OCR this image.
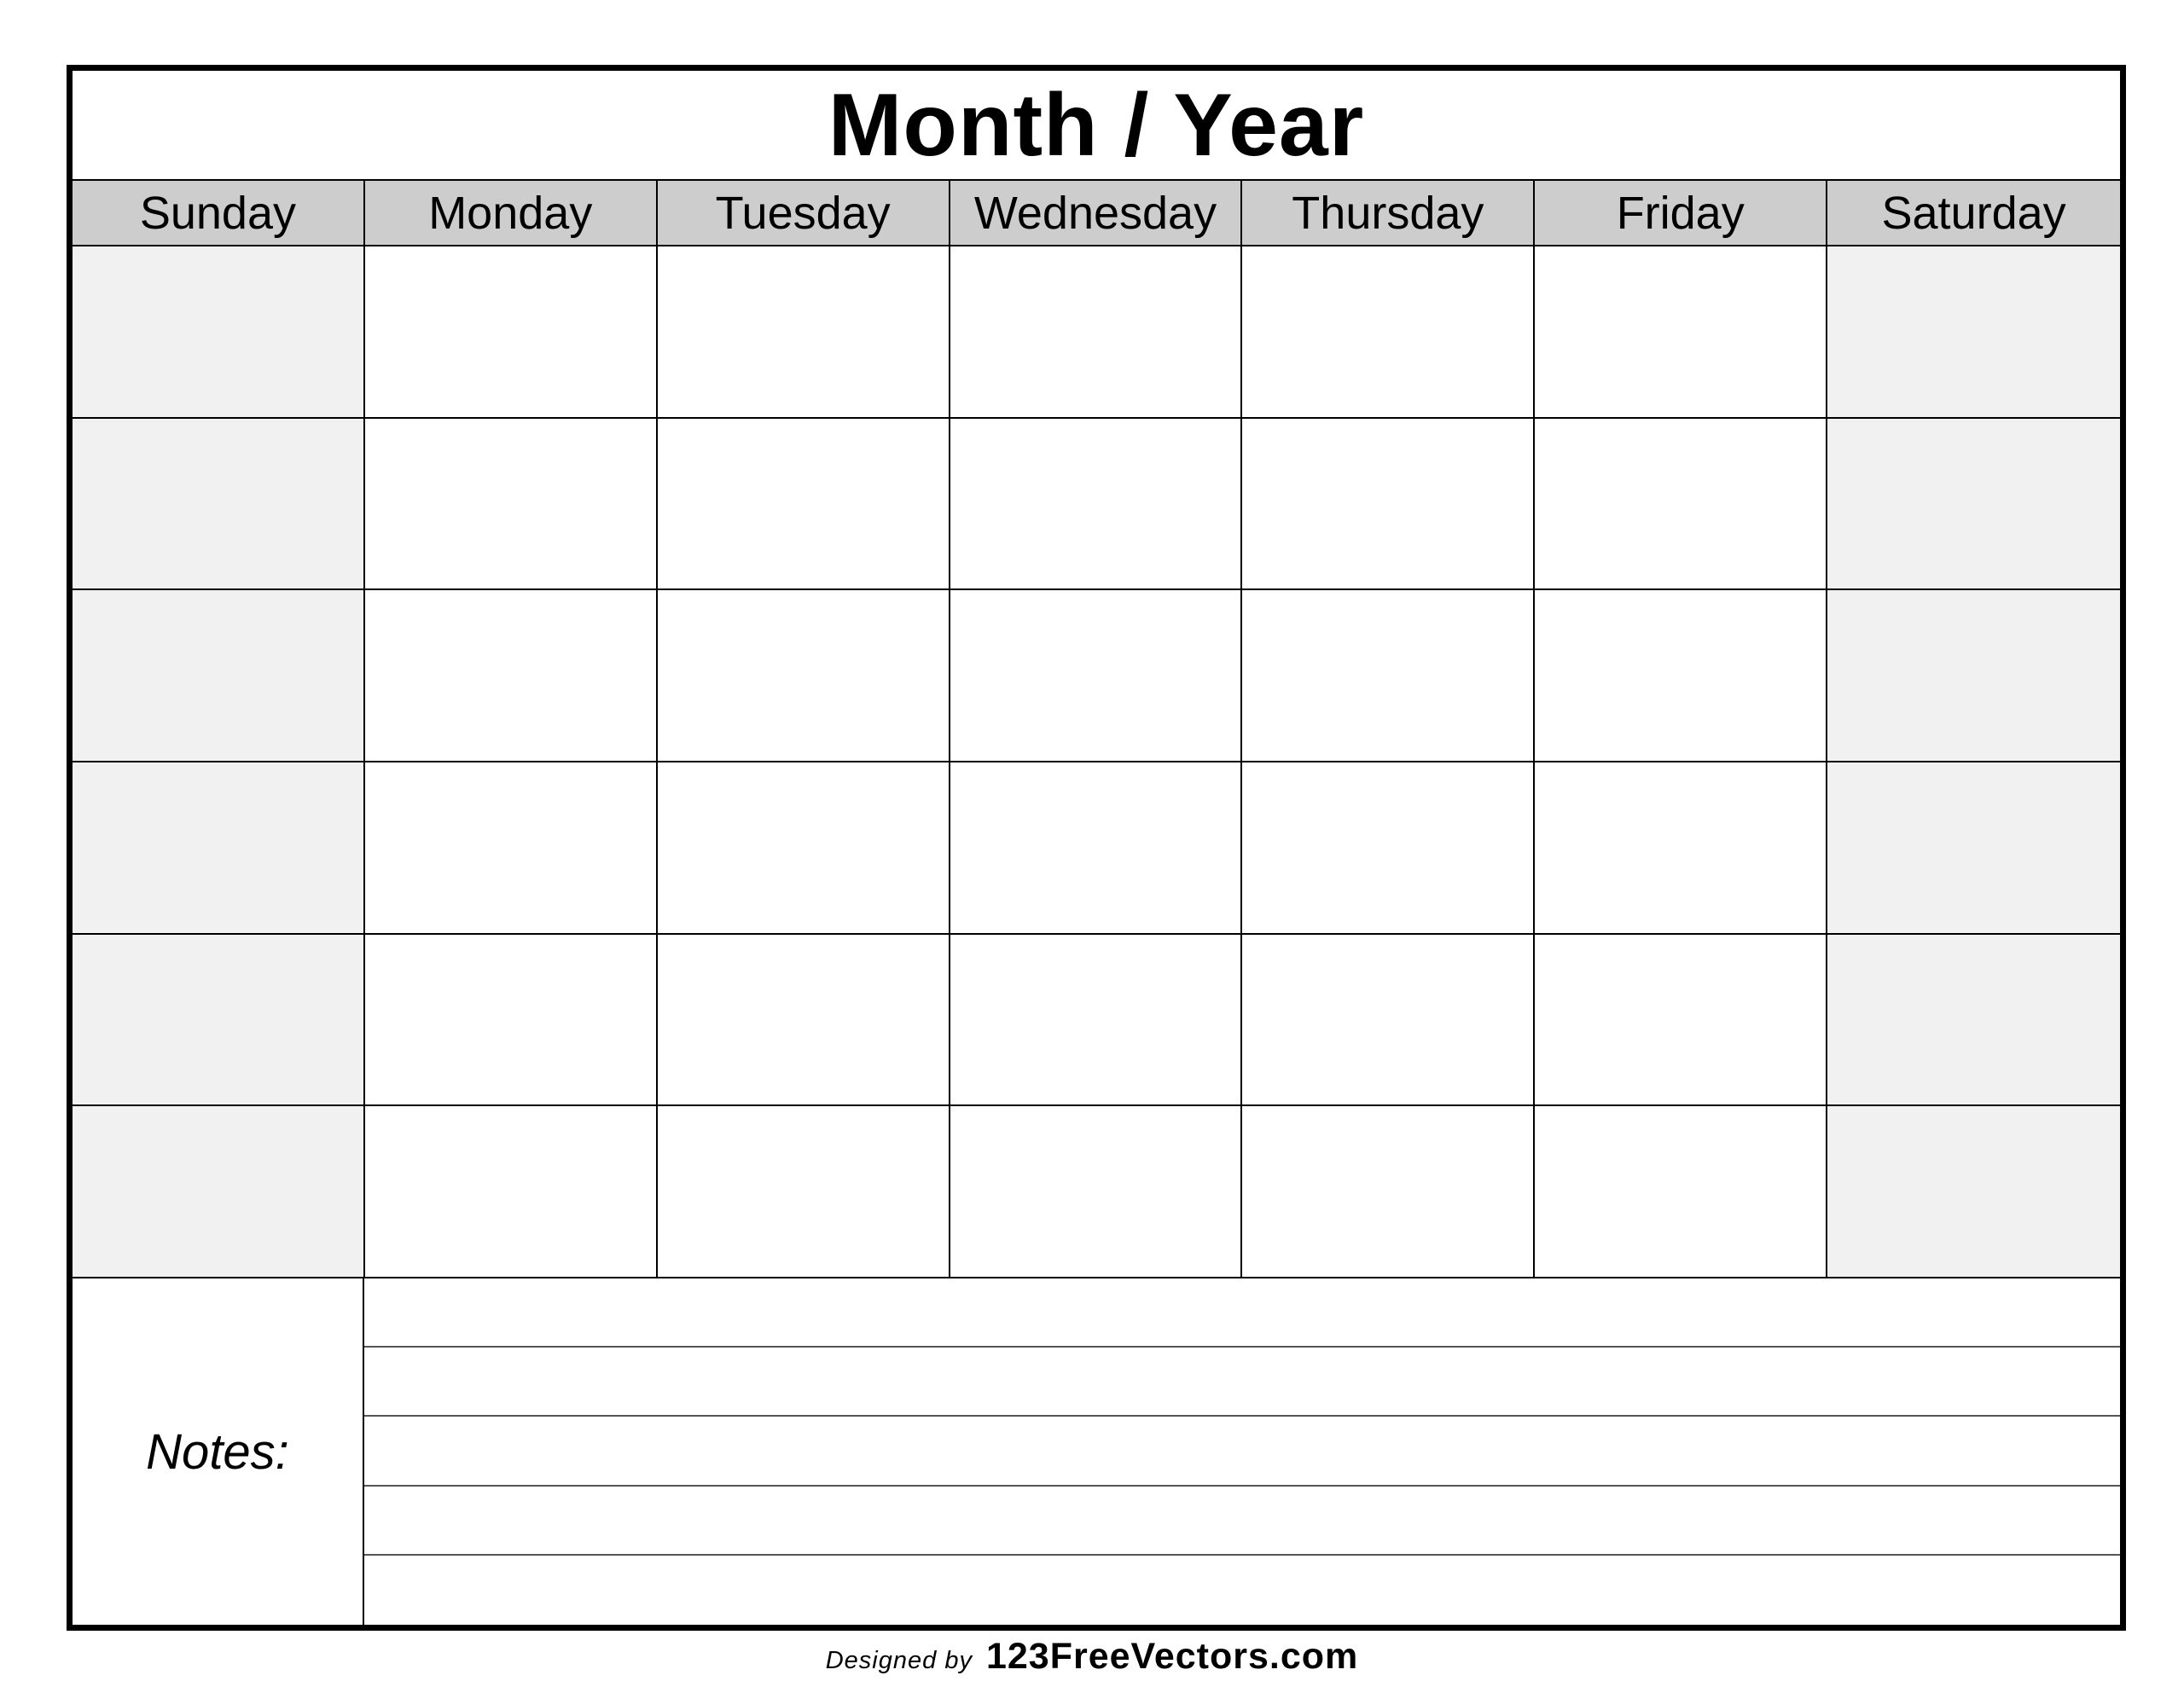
Month / Year
Sunday	Monday	Tuesday	Wednesday	Thursday	Friday	Saturday
Notes:
Designed by 123FreeVectors.com
